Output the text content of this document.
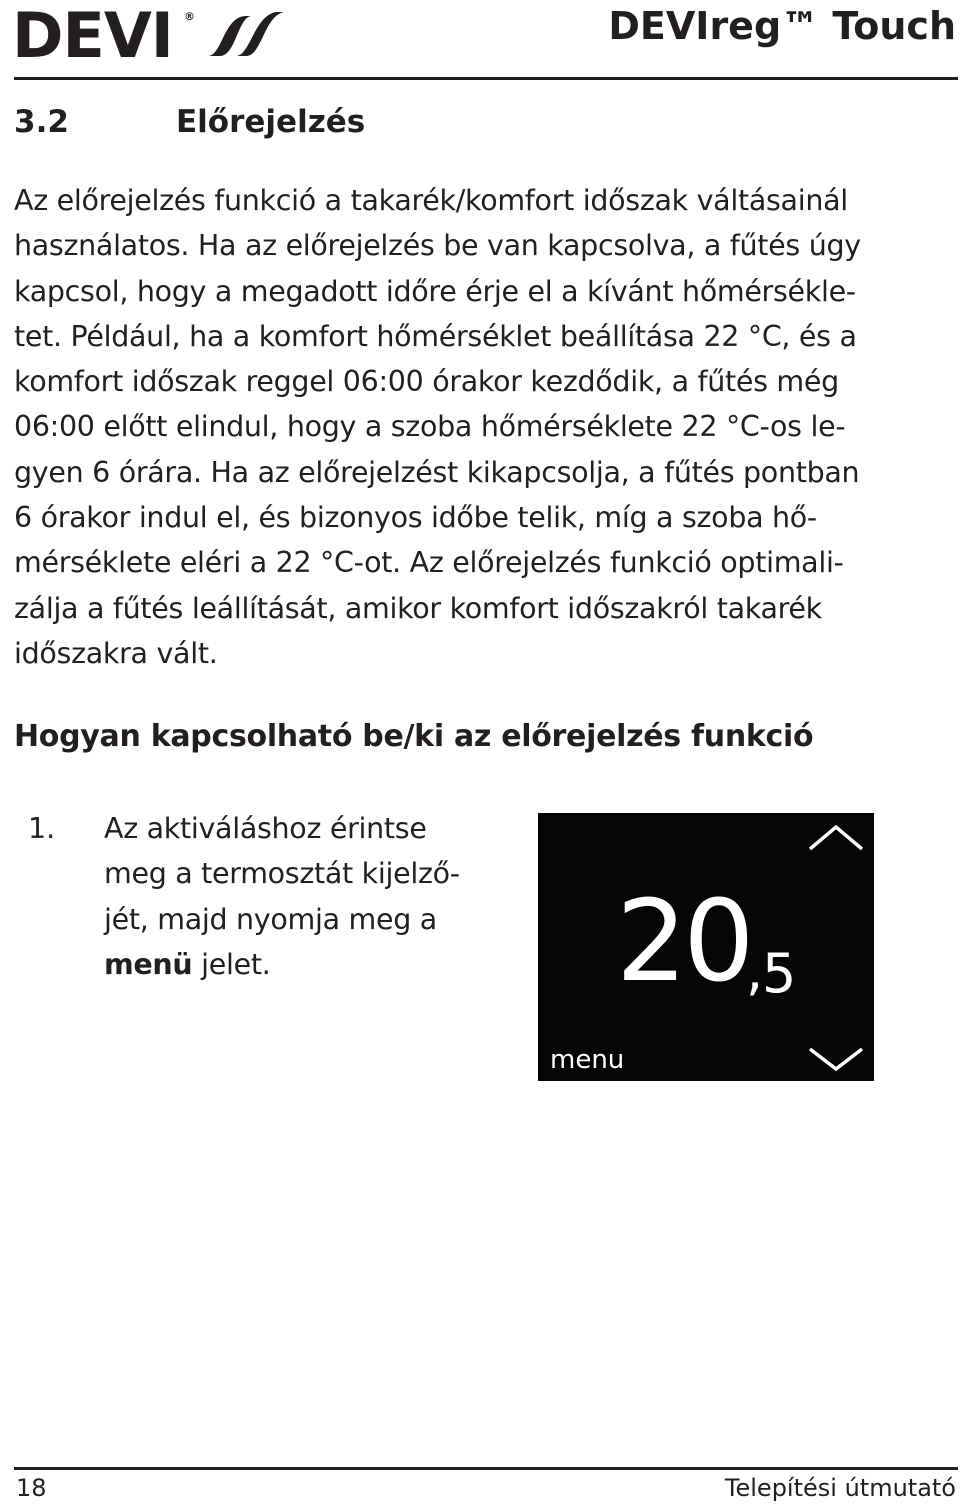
DEVI ®	DEVIreg™ Touch
3.2	Előrejelzés

Az előrejelzés funkció a takarék/komfort időszak váltásainál
használatos. Ha az előrejelzés be van kapcsolva, a fűtés úgy
kapcsol, hogy a megadott időre érje el a kívánt hőmérsékle-
tet. Például, ha a komfort hőmérséklet beállítása 22 °C, és a
komfort időszak reggel 06:00 órakor kezdődik, a fűtés még
06:00 előtt elindul, hogy a szoba hőmérséklete 22 °C-os le-
gyen 6 órára. Ha az előrejelzést kikapcsolja, a fűtés pontban
6 órakor indul el, és bizonyos időbe telik, míg a szoba hő-
mérséklete eléri a 22 °C-ot. Az előrejelzés funkció optimali-
zálja a fűtés leállítását, amikor komfort időszakról takarék
időszakra vált.

Hogyan kapcsolható be/ki az előrejelzés funkció
1. Az aktiváláshoz érintse
meg a termosztát kijelző-
jét, majd nyomja meg a
menü jelet.	20
,
5
menu
18	Telepítési útmutató
